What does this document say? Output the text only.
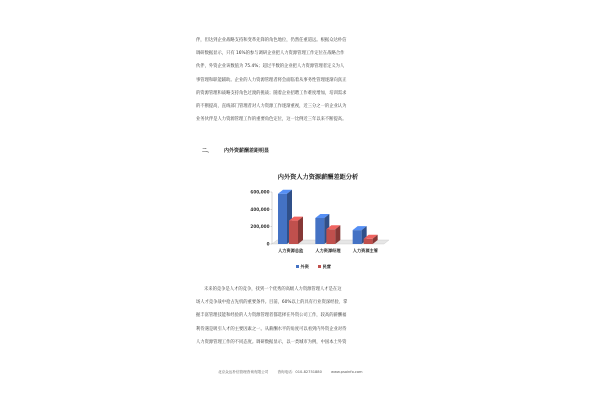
伴，但达到企业战略支持和变革先锋的角色地位，仍然任重道远。根据众达朴信
调研数据显示，只有 16%的参与调研企业把人力资源管理工作定位在战略合作
伙伴，外资企业该数值为 75.4%；超过半数的企业把人力资源管理者定义为人
事管理和职能辅助。企业的人力资源管理者将会面临着从事务性管理逐渐向真正
的资源管理和战略支持角色过渡的挑战；随着企业招聘工作难度增加，培训需求
的不断提高，直线部门管理者对人力资源工作逐渐重视，近三分之一的企业认为
业务伙伴是人力资源管理工作的重要角色定位，这一比例近三年以来不断提高。
二、 内外资薪酬差距明显
内外资人力资源薪酬差距分析
0
200,000
400,000
600,000
人力资源总监	人力资源经理	人力资源主管
外资	民营
未来的竞争是人才的竞争，找到一个优秀的高级人力资源管理人才是在这
场人才竞争战中抢占先机的重要条件。目前，60%以上的具有行业资深经验、掌
握丰富管理技能和经验的人力资源管理者都选择在外资公司工作，较高的薪酬福
利待遇是吸引人才的主要因素之一。从薪酬水平的角度可以看到内外资企业对待
人力资源管理工作的不同态度。调研数据显示，以一类城市为例，中国本土外资
北京众达朴信管理咨询有限公司	咨询电话：010-82751880	www.psoinfo.com
